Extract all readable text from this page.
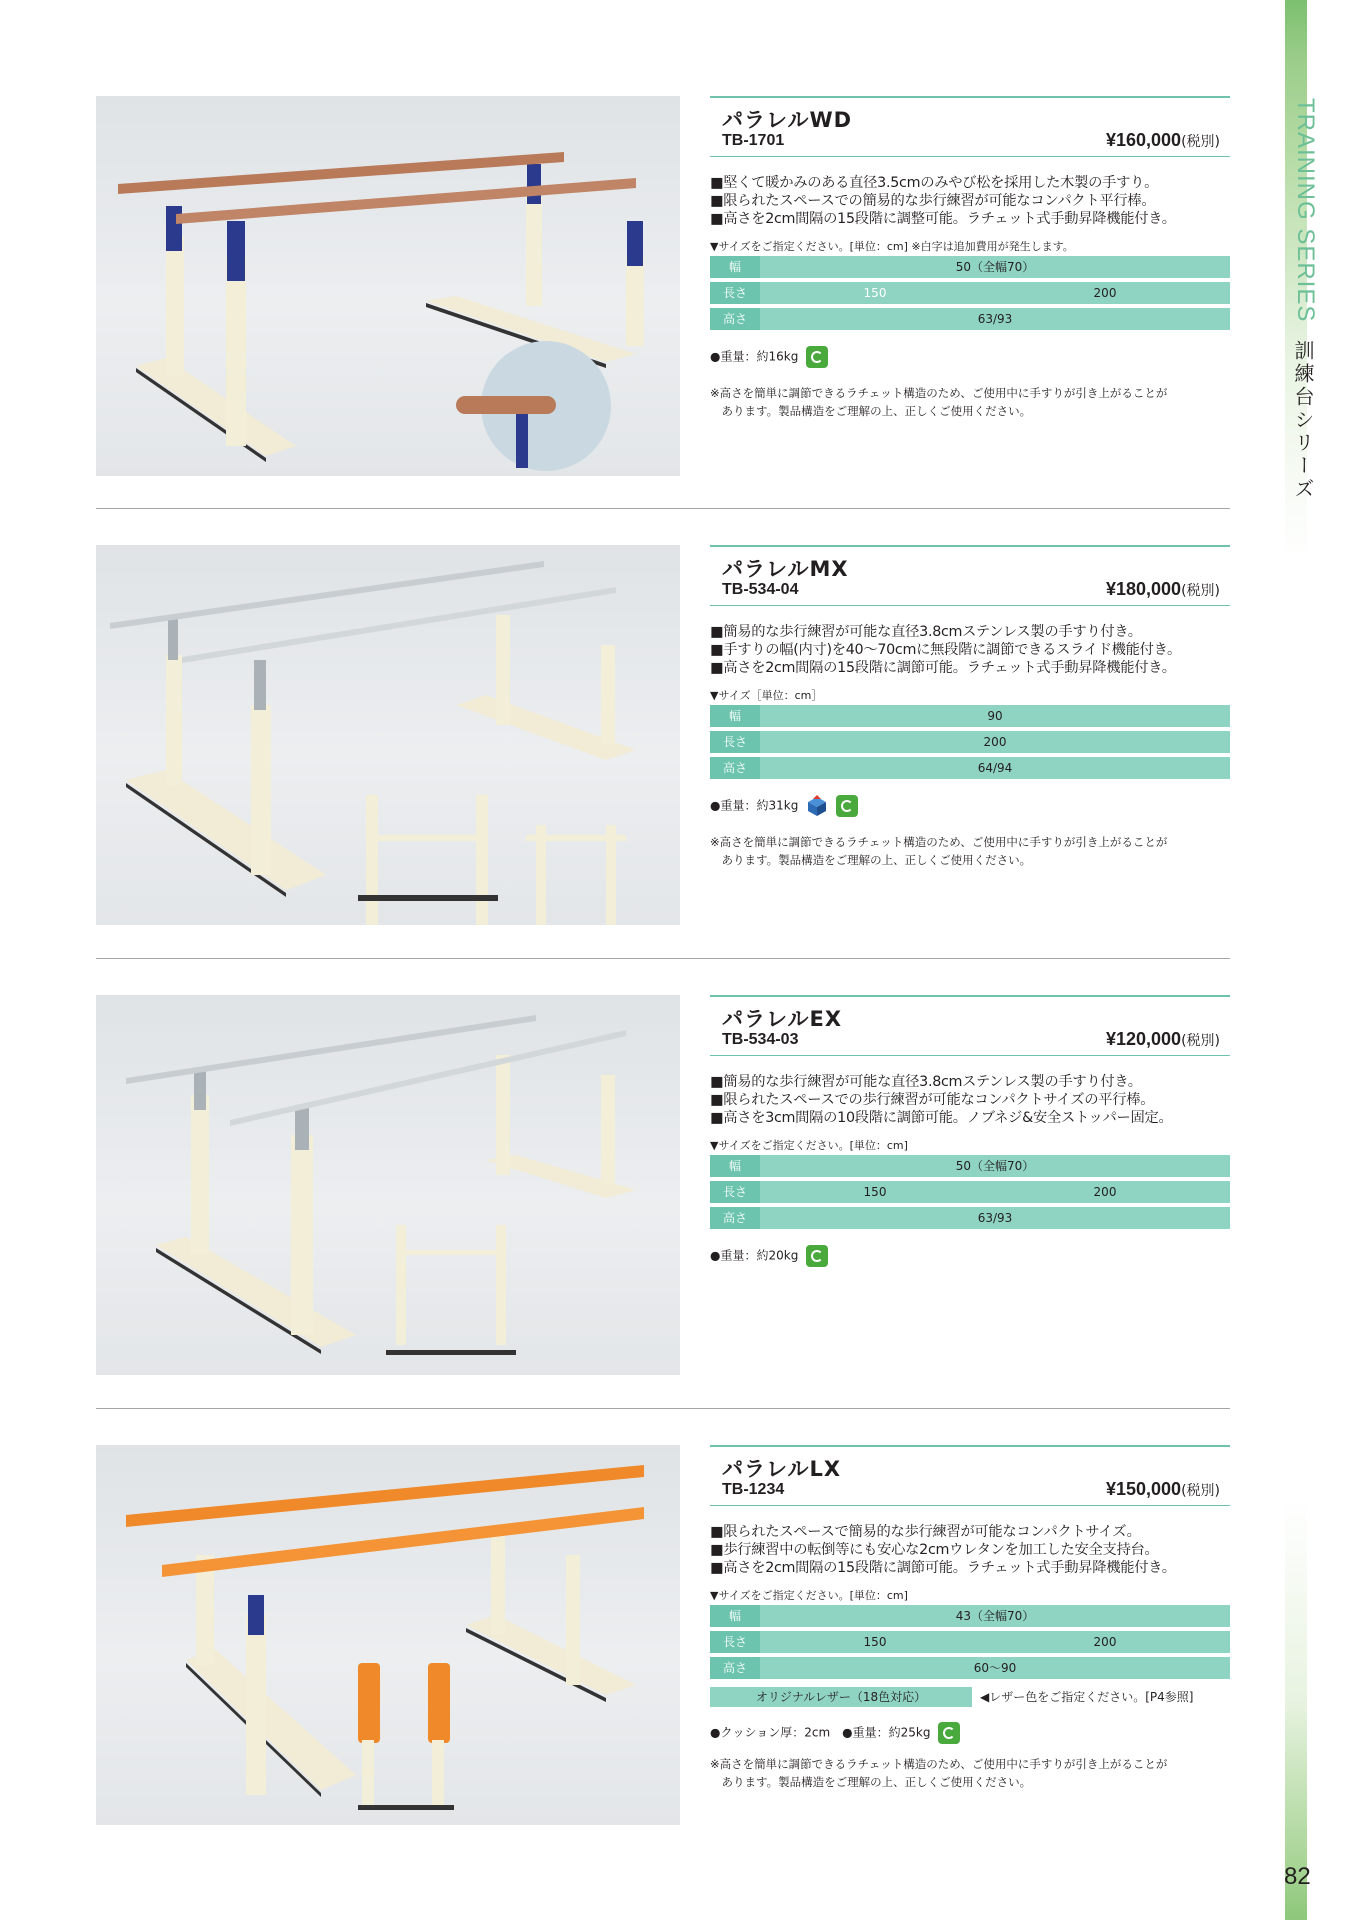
TRAINING SERIES
訓練台シリーズ
82
パラレルWD
TB-1701	¥160,000(税別)
■堅くて暖かみのある直径3.5cmのみやび松を採用した木製の手すり。
■限られたスペースでの簡易的な歩行練習が可能なコンパクト平行棒。
■高さを2cm間隔の15段階に調整可能。ラチェット式手動昇降機能付き。
▼サイズをご指定ください。[単位：cm] ※白字は追加費用が発生します。
幅	50（全幅70）
長さ	150	200
高さ	63/93
●重量：約16kg
※高さを簡単に調節できるラチェット構造のため、ご使用中に手すりが引き上がることが
　あります。製品構造をご理解の上、正しくご使用ください。
パラレルMX
TB-534-04	¥180,000(税別)
■簡易的な歩行練習が可能な直径3.8cmステンレス製の手すり付き。
■手すりの幅(内寸)を40～70cmに無段階に調節できるスライド機能付き。
■高さを2cm間隔の15段階に調節可能。ラチェット式手動昇降機能付き。
▼サイズ［単位：cm］
幅	90
長さ	200
高さ	64/94
●重量：約31kg
※高さを簡単に調節できるラチェット構造のため、ご使用中に手すりが引き上がることが
　あります。製品構造をご理解の上、正しくご使用ください。
パラレルEX
TB-534-03	¥120,000(税別)
■簡易的な歩行練習が可能な直径3.8cmステンレス製の手すり付き。
■限られたスペースでの歩行練習が可能なコンパクトサイズの平行棒。
■高さを3cm間隔の10段階に調節可能。ノブネジ&安全ストッパー固定。
▼サイズをご指定ください。[単位：cm]
幅	50（全幅70）
長さ	150	200
高さ	63/93
●重量：約20kg
パラレルLX
TB-1234	¥150,000(税別)
■限られたスペースで簡易的な歩行練習が可能なコンパクトサイズ。
■歩行練習中の転倒等にも安心な2cmウレタンを加工した安全支持台。
■高さを2cm間隔の15段階に調節可能。ラチェット式手動昇降機能付き。
▼サイズをご指定ください。[単位：cm]
幅	43（全幅70）
長さ	150	200
高さ	60～90
オリジナルレザー（18色対応）	◀レザー色をご指定ください。[P4参照]
●クッション厚：2cm　●重量：約25kg
※高さを簡単に調節できるラチェット構造のため、ご使用中に手すりが引き上がることが
　あります。製品構造をご理解の上、正しくご使用ください。
